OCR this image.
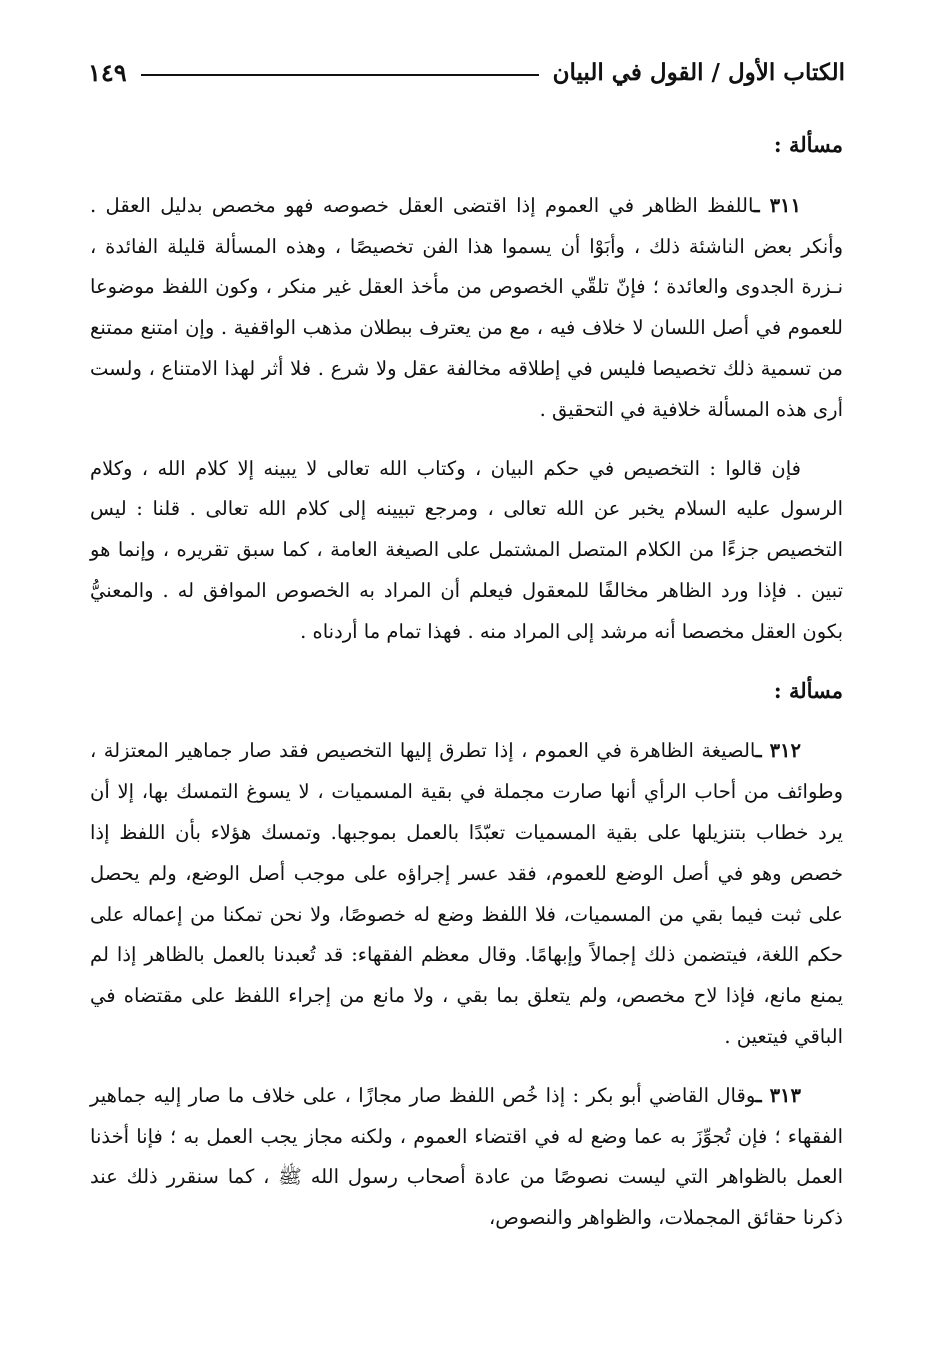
الكتاب الأول / القول في البيان
١٤٩
مسألة :

٣١١ ـاللفظ الظاهر في العموم إذا اقتضى العقل خصوصه فهو مخصص بدليل العقل . وأنكر بعض الناشئة ذلك ، وأبَوْا أن يسموا هذا الفن تخصيصًا ، وهذه المسألة قليلة الفائدة ، نـزرة الجدوى والعائدة ؛ فإنّ تلقّي الخصوص من مأخذ العقل غير منكر ، وكون اللفظ موضوعا للعموم في أصل اللسان لا خلاف فيه ، مع من يعترف ببطلان مذهب الواقفية . وإن امتنع ممتنع من تسمية ذلك تخصيصا فليس في إطلاقه مخالفة عقل ولا شرع . فلا أثر لهذا الامتناع ، ولست أرى هذه المسألة خلافية في التحقيق .

فإن قالوا : التخصيص في حكم البيان ، وكتاب الله تعالى لا يبينه إلا كلام الله ، وكلام الرسول عليه السلام يخبر عن الله تعالى ، ومرجع تبيينه إلى كلام الله تعالى . قلنا : ليس التخصيص جزءًا من الكلام المتصل المشتمل على الصيغة العامة ، كما سبق تقريره ، وإنما هو تبين . فإذا ورد الظاهر مخالفًا للمعقول فيعلم أن المراد به الخصوص الموافق له . والمعنيُّ بكون العقل مخصصا أنه مرشد إلى المراد منه . فهذا تمام ما أردناه .

مسألة :

٣١٢ ـالصيغة الظاهرة في العموم ، إذا تطرق إليها التخصيص فقد صار جماهير المعتزلة ، وطوائف من أحاب الرأي أنها صارت مجملة في بقية المسميات ، لا يسوغ التمسك بها، إلا أن يرد خطاب بتنزيلها على بقية المسميات تعبّدًا بالعمل بموجبها. وتمسك هؤلاء بأن اللفظ إذا خصص وهو في أصل الوضع للعموم، فقد عسر إجراؤه على موجب أصل الوضع، ولم يحصل على ثبت فيما بقي من المسميات، فلا اللفظ وضع له خصوصًا، ولا نحن تمكنا من إعماله على حكم اللغة، فيتضمن ذلك إجمالاً وإبهامًا. وقال معظم الفقهاء: قد تُعبدنا بالعمل بالظاهر إذا لم يمنع مانع، فإذا لاح مخصص، ولم يتعلق بما بقي ، ولا مانع من إجراء اللفظ على مقتضاه في الباقي فيتعين .

٣١٣ ـوقال القاضي أبو بكر : إذا خُص اللفظ صار مجازًا ، على خلاف ما صار إليه جماهير الفقهاء ؛ فإن تُجوِّزَ به عما وضع له في اقتضاء العموم ، ولكنه مجاز يجب العمل به ؛ فإنا أخذنا العمل بالظواهر التي ليست نصوصًا من عادة أصحاب رسول الله ﷺ ، كما سنقرر ذلك عند ذكرنا حقائق المجملات، والظواهر والنصوص،
